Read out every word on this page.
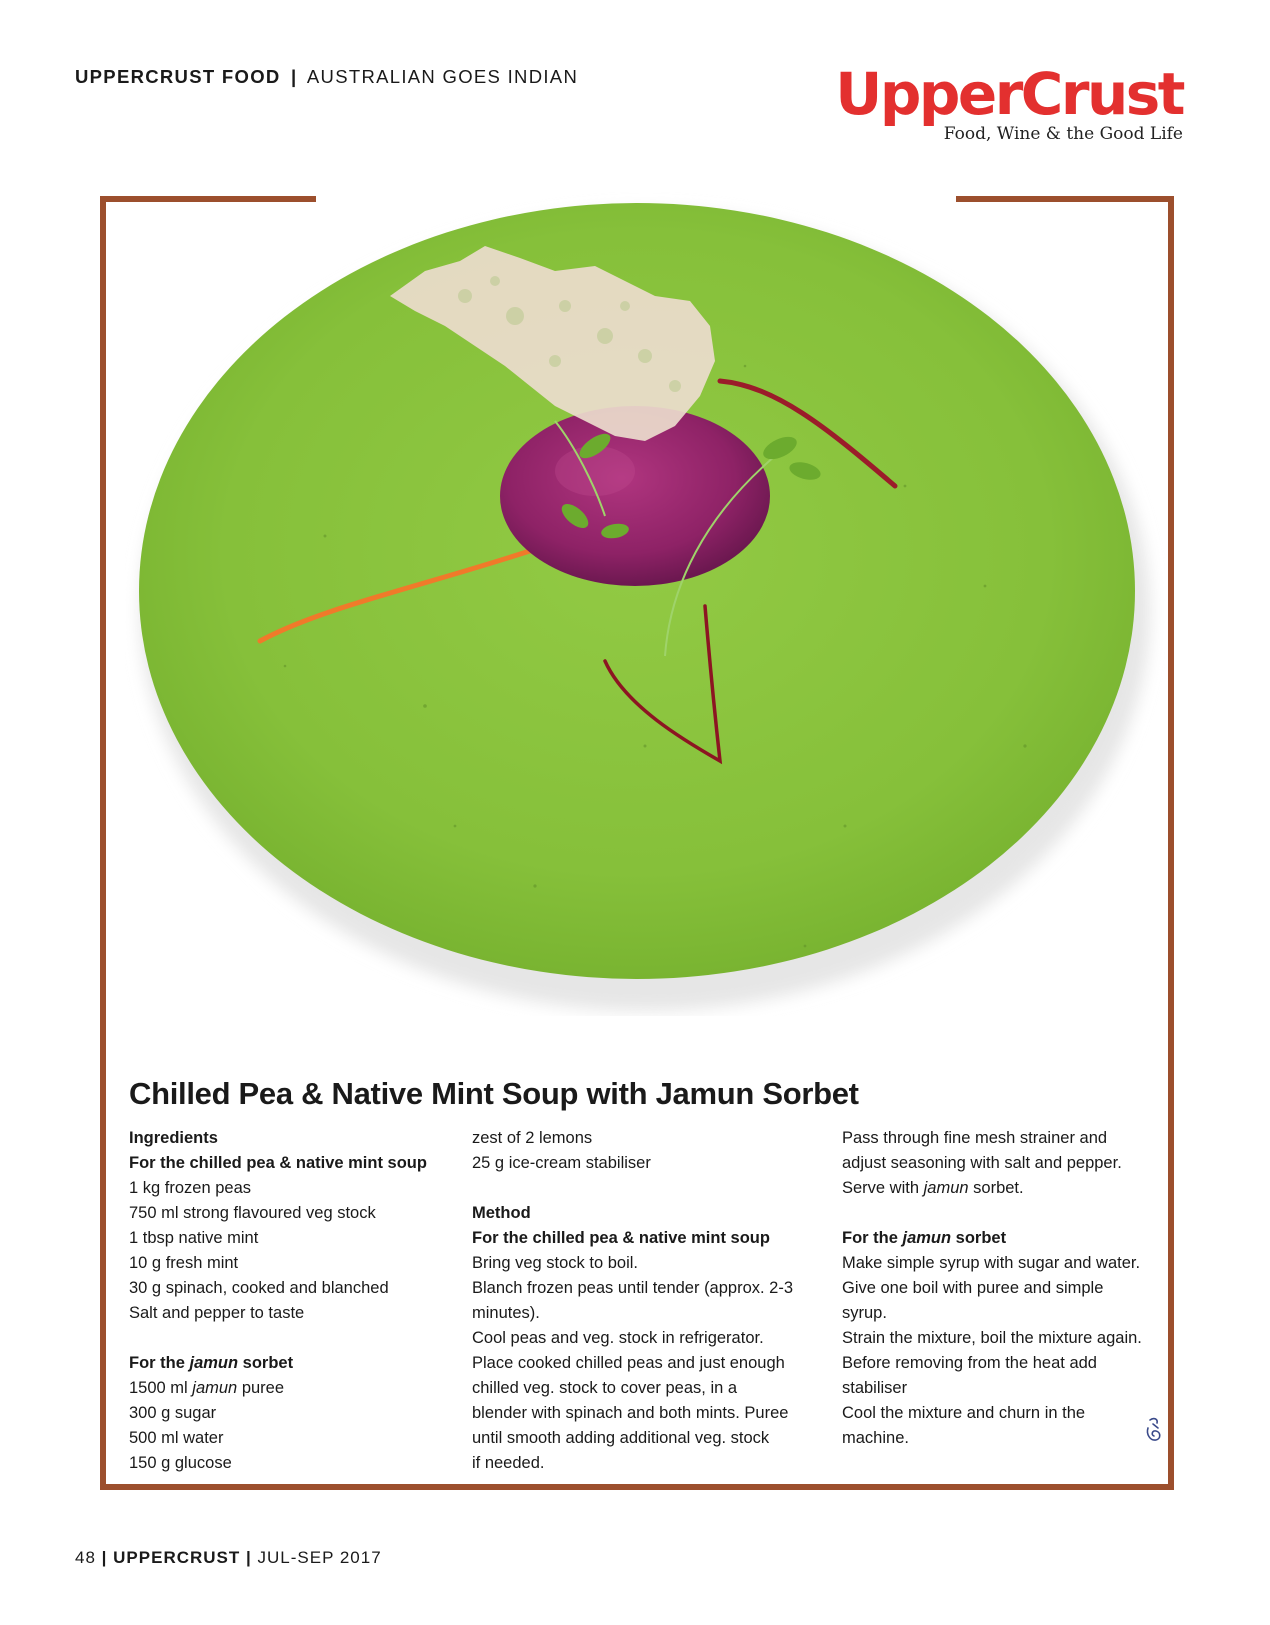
UPPERCRUST FOOD | AUSTRALIAN GOES INDIAN	UpperCrust
Food, Wine & the Good Life
Chilled Pea & Native Mint Soup with Jamun Sorbet

Ingredients

For the chilled pea & native mint soup

1 kg frozen peas

750 ml strong flavoured veg stock

1 tbsp native mint

10 g fresh mint

30 g spinach, cooked and blanched

Salt and pepper to taste

For the jamun sorbet

1500 ml jamun puree

300 g sugar

500 ml water

150 g glucose

zest of 2 lemons

25 g ice-cream stabiliser

Method

For the chilled pea & native mint soup

Bring veg stock to boil.

Blanch frozen peas until tender (approx. 2-3

minutes).

Cool peas and veg. stock in refrigerator.

Place cooked chilled peas and just enough

chilled veg. stock to cover peas, in a

blender with spinach and both mints. Puree

until smooth adding additional veg. stock

if needed.

Pass through fine mesh strainer and

adjust seasoning with salt and pepper.

Serve with jamun sorbet.

For the jamun sorbet

Make simple syrup with sugar and water.

Give one boil with puree and simple

syrup.

Strain the mixture, boil the mixture again.

Before removing from the heat add

stabiliser

Cool the mixture and churn in the

machine.

48 | UPPERCRUST | JUL-SEP 2017
